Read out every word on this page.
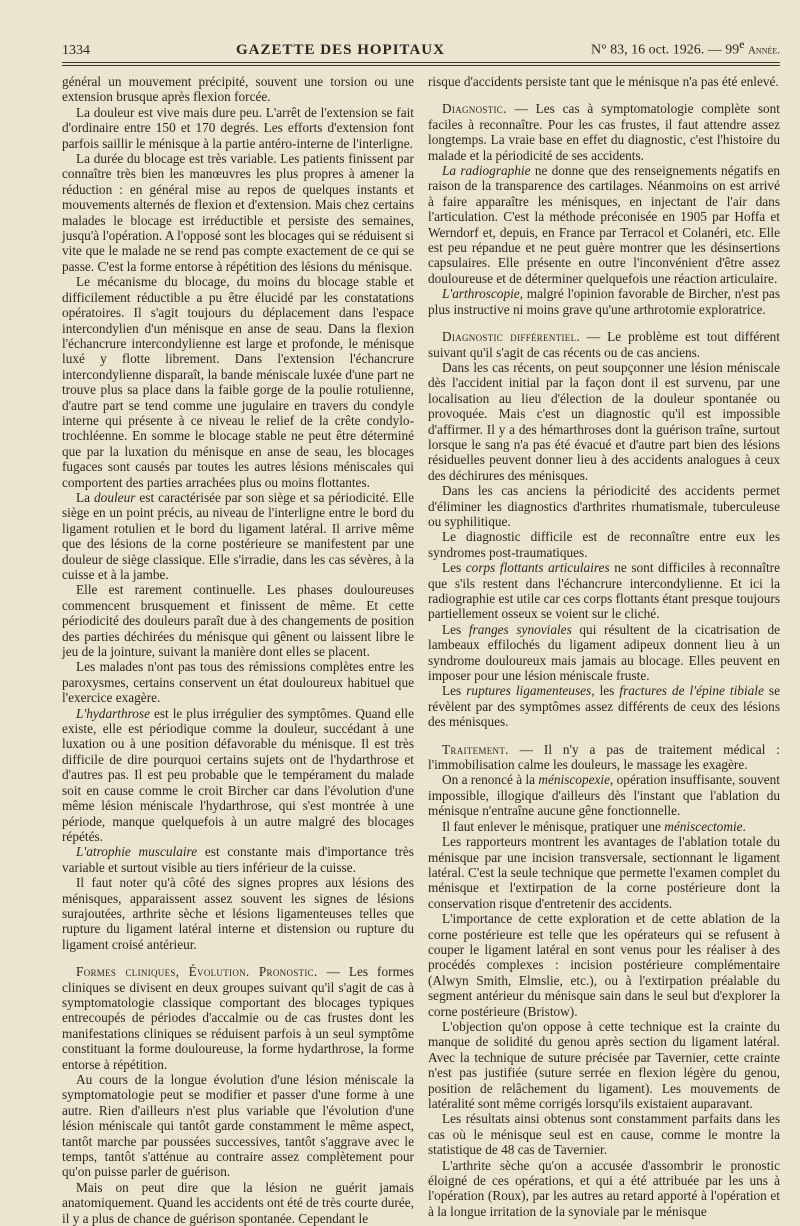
1334	GAZETTE DES HOPITAUX	N° 83, 16 oct. 1926. — 99e Année.

général un mouvement précipité, souvent une torsion ou une extension brusque après flexion forcée.

La douleur est vive mais dure peu. L'arrêt de l'extension se fait d'ordinaire entre 150 et 170 degrés. Les efforts d'extension font parfois saillir le ménisque à la partie antéro-interne de l'interligne.

La durée du blocage est très variable. Les patients finissent par connaître très bien les manœuvres les plus propres à amener la réduction : en général mise au repos de quelques instants et mouvements alternés de flexion et d'extension. Mais chez certains malades le blocage est irréductible et persiste des semaines, jusqu'à l'opération. A l'opposé sont les blocages qui se réduisent si vite que le malade ne se rend pas compte exactement de ce qui se passe. C'est la forme entorse à répétition des lésions du ménisque.

Le mécanisme du blocage, du moins du blocage stable et difficilement réductible a pu être élucidé par les constatations opératoires. Il s'agit toujours du déplacement dans l'espace intercondylien d'un ménisque en anse de seau. Dans la flexion l'échancrure intercondylienne est large et profonde, le ménisque luxé y flotte librement. Dans l'extension l'échancrure intercondylienne disparaît, la bande méniscale luxée d'une part ne trouve plus sa place dans la faible gorge de la poulie rotulienne, d'autre part se tend comme une jugulaire en travers du condyle interne qui présente à ce niveau le relief de la crête condylo-trochléenne. En somme le blocage stable ne peut être déterminé que par la luxation du ménisque en anse de seau, les blocages fugaces sont causés par toutes les autres lésions méniscales qui comportent des parties arrachées plus ou moins flottantes.

La douleur est caractérisée par son siège et sa périodicité. Elle siège en un point précis, au niveau de l'interligne entre le bord du ligament rotulien et le bord du ligament latéral. Il arrive même que des lésions de la corne postérieure se manifestent par une douleur de siège classique. Elle s'irradie, dans les cas sévères, à la cuisse et à la jambe.

Elle est rarement continuelle. Les phases douloureuses commencent brusquement et finissent de même. Et cette périodicité des douleurs paraît due à des changements de position des parties déchirées du ménisque qui gênent ou laissent libre le jeu de la jointure, suivant la manière dont elles se placent.

Les malades n'ont pas tous des rémissions complètes entre les paroxysmes, certains conservent un état douloureux habituel que l'exercice exagère.

L'hydarthrose est le plus irrégulier des symptômes. Quand elle existe, elle est périodique comme la douleur, succédant à une luxation ou à une position défavorable du ménisque. Il est très difficile de dire pourquoi certains sujets ont de l'hydarthrose et d'autres pas. Il est peu probable que le tempérament du malade soit en cause comme le croit Bircher car dans l'évolution d'une même lésion méniscale l'hydarthrose, qui s'est montrée à une période, manque quelquefois à un autre malgré des blocages répétés.

L'atrophie musculaire est constante mais d'importance très variable et surtout visible au tiers inférieur de la cuisse.

Il faut noter qu'à côté des signes propres aux lésions des ménisques, apparaissent assez souvent les signes de lésions surajoutées, arthrite sèche et lésions ligamenteuses telles que rupture du ligament latéral interne et distension ou rupture du ligament croisé antérieur.

Formes cliniques, Évolution. Pronostic. — Les formes cliniques se divisent en deux groupes suivant qu'il s'agit de cas à symptomatologie classique comportant des blocages typiques entrecoupés de périodes d'accalmie ou de cas frustes dont les manifestations cliniques se réduisent parfois à un seul symptôme constituant la forme douloureuse, la forme hydarthrose, la forme entorse à répétition.

Au cours de la longue évolution d'une lésion méniscale la symptomatologie peut se modifier et passer d'une forme à une autre. Rien d'ailleurs n'est plus variable que l'évolution d'une lésion méniscale qui tantôt garde constamment le même aspect, tantôt marche par poussées successives, tantôt s'aggrave avec le temps, tantôt s'atténue au contraire assez complètement pour qu'on puisse parler de guérison.

Mais on peut dire que la lésion ne guérit jamais anatomiquement. Quand les accidents ont été de très courte durée, il y a plus de chance de guérison spontanée. Cependant le

risque d'accidents persiste tant que le ménisque n'a pas été enlevé.

Diagnostic. — Les cas à symptomatologie complète sont faciles à reconnaître. Pour les cas frustes, il faut attendre assez longtemps. La vraie base en effet du diagnostic, c'est l'histoire du malade et la périodicité de ses accidents.

La radiographie ne donne que des renseignements négatifs en raison de la transparence des cartilages. Néanmoins on est arrivé à faire apparaître les ménisques, en injectant de l'air dans l'articulation. C'est la méthode préconisée en 1905 par Hoffa et Werndorf et, depuis, en France par Terracol et Colanéri, etc. Elle est peu répandue et ne peut guère montrer que les désinsertions capsulaires. Elle présente en outre l'inconvénient d'être assez douloureuse et de déterminer quelquefois une réaction articulaire.

L'arthroscopie, malgré l'opinion favorable de Bircher, n'est pas plus instructive ni moins grave qu'une arthrotomie exploratrice.

Diagnostic différentiel. — Le problème est tout différent suivant qu'il s'agit de cas récents ou de cas anciens.

Dans les cas récents, on peut soupçonner une lésion méniscale dès l'accident initial par la façon dont il est survenu, par une localisation au lieu d'élection de la douleur spontanée ou provoquée. Mais c'est un diagnostic qu'il est impossible d'affirmer. Il y a des hémarthroses dont la guérison traîne, surtout lorsque le sang n'a pas été évacué et d'autre part bien des lésions résiduelles peuvent donner lieu à des accidents analogues à ceux des déchirures des ménisques.

Dans les cas anciens la périodicité des accidents permet d'éliminer les diagnostics d'arthrites rhumatismale, tuberculeuse ou syphilitique.

Le diagnostic difficile est de reconnaître entre eux les syndromes post-traumatiques.

Les corps flottants articulaires ne sont difficiles à reconnaître que s'ils restent dans l'échancrure intercondylienne. Et ici la radiographie est utile car ces corps flottants étant presque toujours partiellement osseux se voient sur le cliché.

Les franges synoviales qui résultent de la cicatrisation de lambeaux effilochés du ligament adipeux donnent lieu à un syndrome douloureux mais jamais au blocage. Elles peuvent en imposer pour une lésion méniscale fruste.

Les ruptures ligamenteuses, les fractures de l'épine tibiale se révèlent par des symptômes assez différents de ceux des lésions des ménisques.

Traitement. — Il n'y a pas de traitement médical : l'immobilisation calme les douleurs, le massage les exagère.

On a renoncé à la méniscopexie, opération insuffisante, souvent impossible, illogique d'ailleurs dès l'instant que l'ablation du ménisque n'entraîne aucune gêne fonctionnelle.

Il faut enlever le ménisque, pratiquer une méniscectomie.

Les rapporteurs montrent les avantages de l'ablation totale du ménisque par une incision transversale, sectionnant le ligament latéral. C'est la seule technique que permette l'examen complet du ménisque et l'extirpation de la corne postérieure dont la conservation risque d'entretenir des accidents.

L'importance de cette exploration et de cette ablation de la corne postérieure est telle que les opérateurs qui se refusent à couper le ligament latéral en sont venus pour les réaliser à des procédés complexes : incision postérieure complémentaire (Alwyn Smith, Elmslie, etc.), ou à l'extirpation préalable du segment antérieur du ménisque sain dans le seul but d'explorer la corne postérieure (Bristow).

L'objection qu'on oppose à cette technique est la crainte du manque de solidité du genou après section du ligament latéral. Avec la technique de suture précisée par Tavernier, cette crainte n'est pas justifiée (suture serrée en flexion légère du genou, position de relâchement du ligament). Les mouvements de latéralité sont même corrigés lorsqu'ils existaient auparavant.

Les résultats ainsi obtenus sont constamment parfaits dans les cas où le ménisque seul est en cause, comme le montre la statistique de 48 cas de Tavernier.

L'arthrite sèche qu'on a accusée d'assombrir le pronostic éloigné de ces opérations, et qui a été attribuée par les uns à l'opération (Roux), par les autres au retard apporté à l'opération et à la longue irritation de la synoviale par le ménisque
